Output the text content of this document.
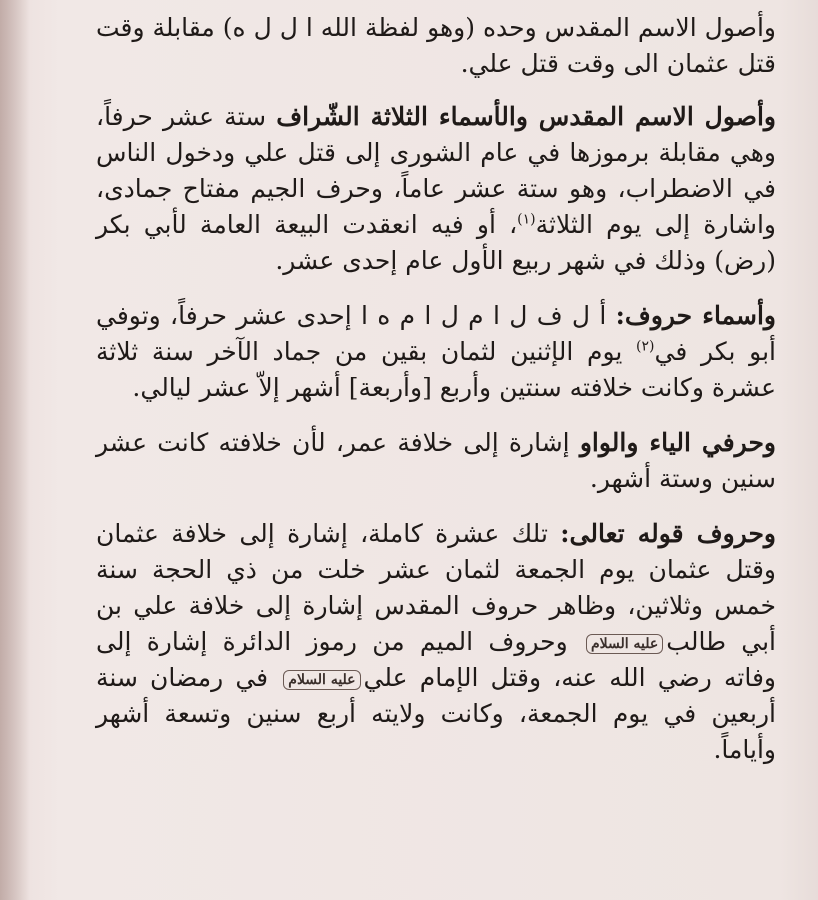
وأصول الاسم المقدس وحده (وهو لفظة الله ا ل ل ه) مقابلة وقت قتل عثمان الى وقت قتل علي.

وأصول الاسم المقدس والأسماء الثلاثة الشّراف ستة عشر حرفاً، وهي مقابلة برموزها في عام الشورى إلى قتل علي ودخول الناس في الاضطراب، وهو ستة عشر عاماً، وحرف الجيم مفتاح جمادى، واشارة إلى يوم الثلاثة$^{(١)}$، أو فيه انعقدت البيعة العامة لأبي بكر (رض) وذلك في شهر ربيع الأول عام إحدى عشر.

وأسماء حروف: أ ل ف ل ا م ل ا م ه ا إحدى عشر حرفاً، وتوفي أبو بكر في$^{(٢)}$ يوم الإثنين لثمان بقين من جماد الآخر سنة ثلاثة عشرة وكانت خلافته سنتين وأربع [وأربعة] أشهر إلاّ عشر ليالي.

وحرفي الياء والواو إشارة إلى خلافة عمر، لأن خلافته كانت عشر سنين وستة أشهر.

وحروف قوله تعالى: تلك عشرة كاملة، إشارة إلى خلافة عثمان وقتل عثمان يوم الجمعة لثمان عشر خلت من ذي الحجة سنة خمس وثلاثين، وظاهر حروف المقدس إشارة إلى خلافة علي بن أبي طالبعليه السلام وحروف الميم من رموز الدائرة إشارة إلى وفاته رضي الله عنه، وقتل الإمام عليعليه السلام في رمضان سنة أربعين في يوم الجمعة، وكانت ولايته أربع سنين وتسعة أشهر وأياماً.
